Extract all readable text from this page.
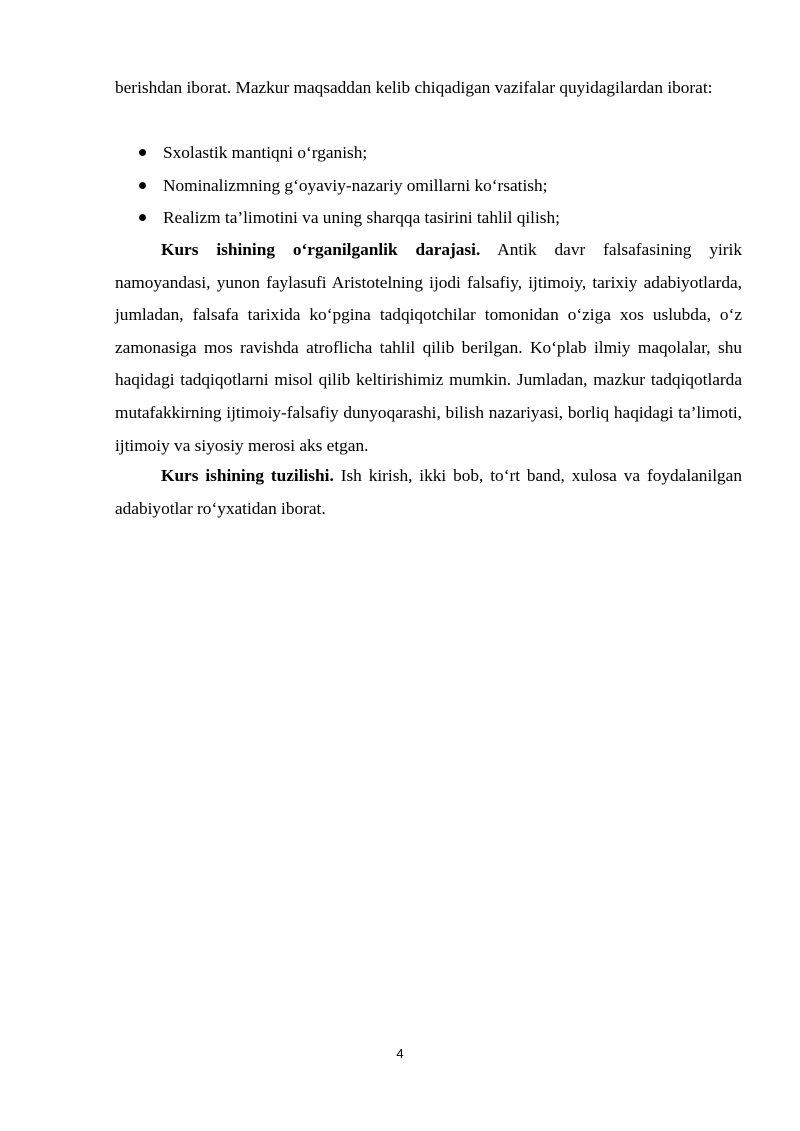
berishdan iborat. Mazkur maqsaddan kelib chiqadigan vazifalar quyidagilardan iborat:

Sxolastik mantiqni o‘rganish;
Nominalizmning g‘oyaviy-nazariy omillarni ko‘rsatish;
Realizm ta’limotini va uning sharqqa tasirini tahlil qilish;

Kurs ishining o‘rganilganlik darajasi. Antik davr falsafasining yirik namoyandasi, yunon faylasufi Aristotelning ijodi falsafiy, ijtimoiy, tarixiy adabiyotlarda, jumladan, falsafa tarixida ko‘pgina tadqiqotchilar tomonidan o‘ziga xos uslubda, o‘z zamonasiga mos ravishda atroflicha tahlil qilib berilgan. Ko‘plab ilmiy maqolalar, shu haqidagi tadqiqotlarni misol qilib keltirishimiz mumkin. Jumladan, mazkur tadqiqotlarda mutafakkirning ijtimoiy-falsafiy dunyoqarashi, bilish nazariyasi, borliq haqidagi ta’limoti, ijtimoiy va siyosiy merosi aks etgan.

Kurs ishining tuzilishi. Ish kirish, ikki bob, to‘rt band, xulosa va foydalanilgan adabiyotlar ro‘yxatidan iborat.

4
